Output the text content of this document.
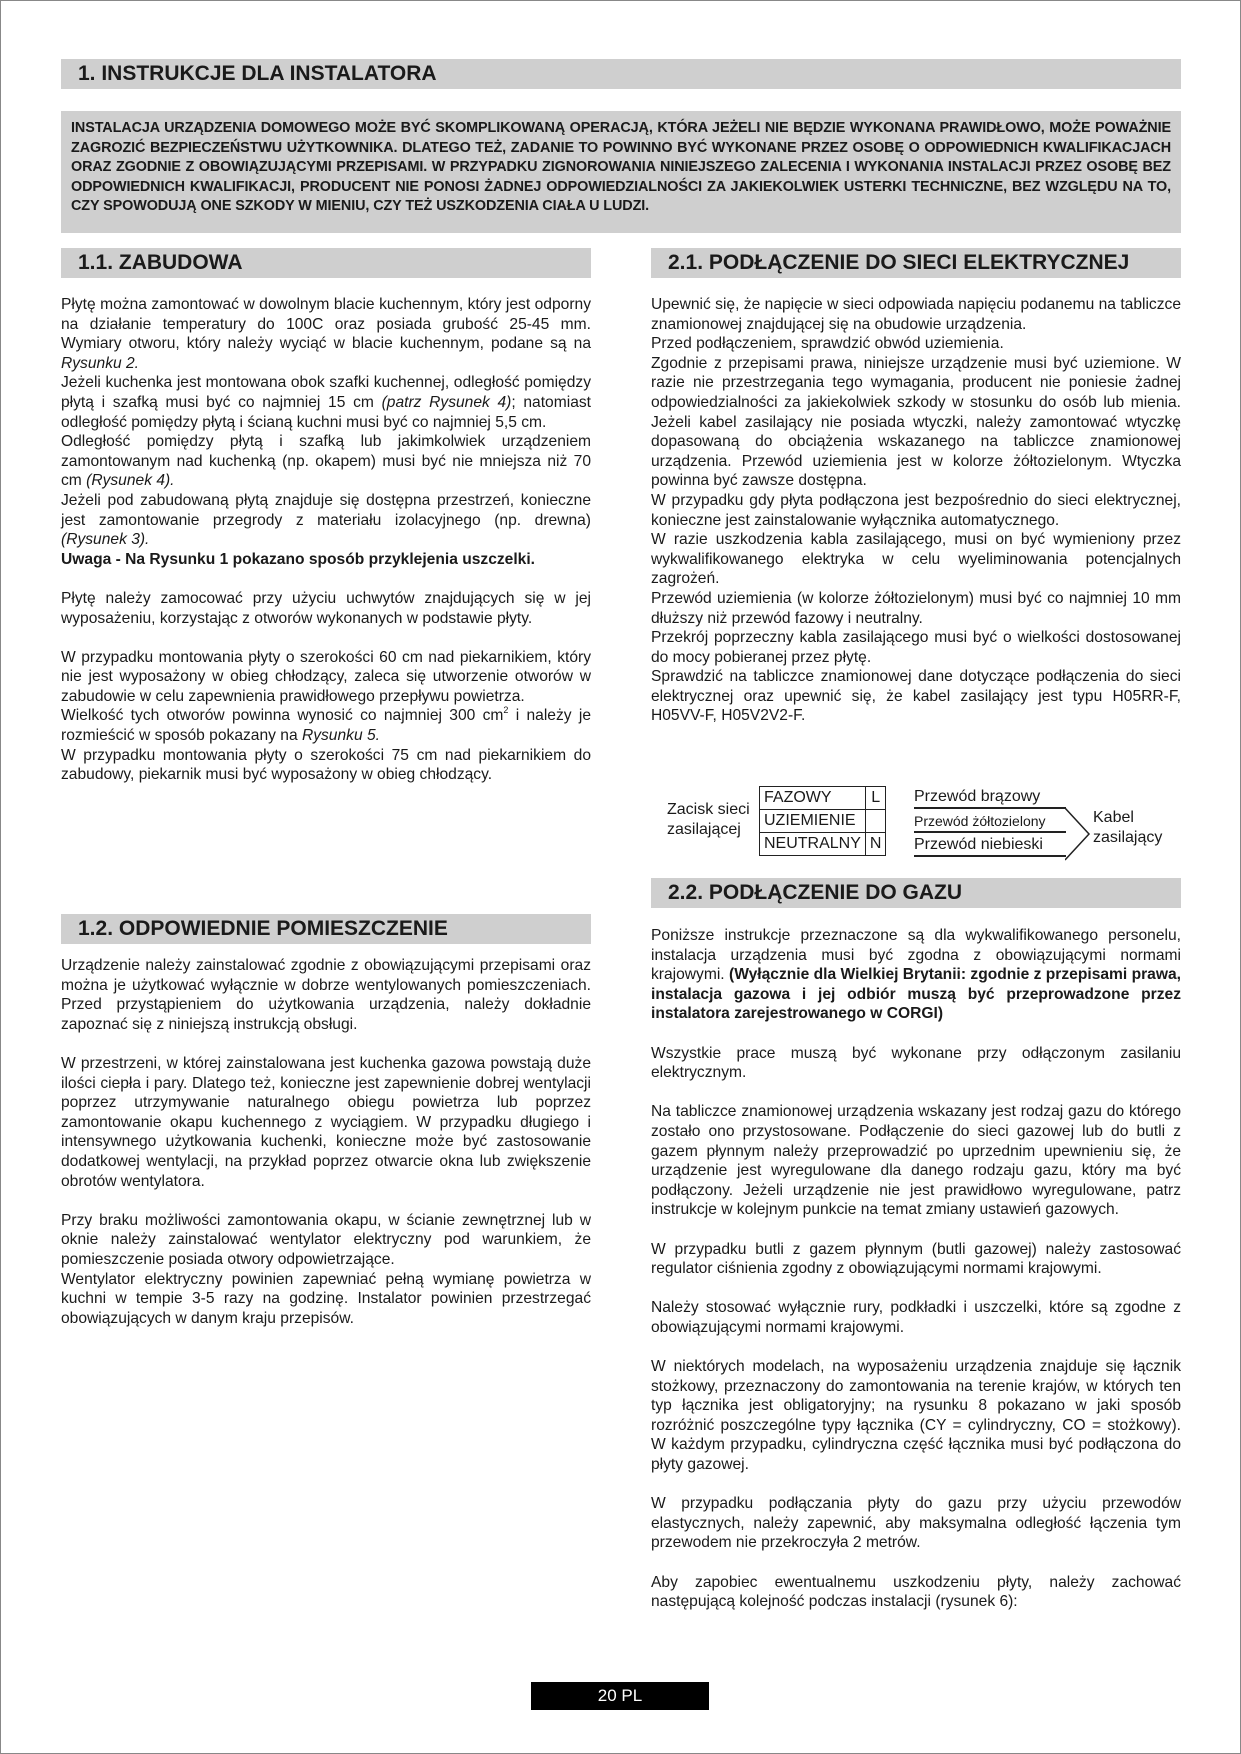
1. INSTRUKCJE DLA INSTALATORA
INSTALACJA URZĄDZENIA DOMOWEGO MOŻE BYĆ SKOMPLIKOWANĄ OPERACJĄ, KTÓRA JEŻELI NIE BĘDZIE WYKONANA PRAWIDŁOWO, MOŻE POWAŻNIE ZAGROZIĆ BEZPIECZEŃSTWU UŻYTKOWNIKA. DLATEGO TEŻ, ZADANIE TO POWINNO BYĆ WYKONANE PRZEZ OSOBĘ O ODPOWIEDNICH KWALIFIKACJACH ORAZ ZGODNIE Z OBOWIĄZUJĄCYMI PRZEPISAMI. W PRZYPADKU ZIGNOROWANIA NINIEJSZEGO ZALECENIA I WYKONANIA INSTALACJI PRZEZ OSOBĘ BEZ ODPOWIEDNICH KWALIFIKACJI, PRODUCENT NIE PONOSI ŻADNEJ ODPOWIEDZIALNOŚCI ZA JAKIEKOLWIEK USTERKI TECHNICZNE, BEZ WZGLĘDU NA TO, CZY SPOWODUJĄ ONE SZKODY W MIENIU, CZY TEŻ USZKODZENIA CIAŁA U LUDZI.
1.1. ZABUDOWA

Płytę można zamontować w dowolnym blacie kuchennym, który jest odporny na działanie temperatury do 100C oraz posiada grubość 25-45 mm. Wymiary otworu, który należy wyciąć w blacie kuchennym, podane są na Rysunku 2.

Jeżeli kuchenka jest montowana obok szafki kuchennej, odległość pomiędzy płytą i szafką musi być co najmniej 15 cm (patrz Rysunek 4); natomiast odległość pomiędzy płytą i ścianą kuchni musi być co najmniej 5,5 cm.

Odległość pomiędzy płytą i szafką lub jakimkolwiek urządzeniem zamontowanym nad kuchenką (np. okapem) musi być nie mniejsza niż 70 cm (Rysunek 4).

Jeżeli pod zabudowaną płytą znajduje się dostępna przestrzeń, konieczne jest zamontowanie przegrody z materiału izolacyjnego (np. drewna) (Rysunek 3).

Uwaga - Na Rysunku 1 pokazano sposób przyklejenia uszczelki.

Płytę należy zamocować przy użyciu uchwytów znajdujących się w jej wyposażeniu, korzystając z otworów wykonanych w podstawie płyty.

W przypadku montowania płyty o szerokości 60 cm nad piekarnikiem, który nie jest wyposażony w obieg chłodzący, zaleca się utworzenie otworów w zabudowie w celu zapewnienia prawidłowego przepływu powietrza.

Wielkość tych otworów powinna wynosić co najmniej 300 $cm^2$ i należy je rozmieścić w sposób pokazany na Rysunku 5.

W przypadku montowania płyty o szerokości 75 cm nad piekarnikiem do zabudowy, piekarnik musi być wyposażony w obieg chłodzący.

1.2. ODPOWIEDNIE POMIESZCZENIE

Urządzenie należy zainstalować zgodnie z obowiązującymi przepisami oraz można je użytkować wyłącznie w dobrze wentylowanych pomieszczeniach. Przed przystąpieniem do użytkowania urządzenia, należy dokładnie zapoznać się z niniejszą instrukcją obsługi.

W przestrzeni, w której zainstalowana jest kuchenka gazowa powstają duże ilości ciepła i pary. Dlatego też, konieczne jest zapewnienie dobrej wentylacji poprzez utrzymywanie naturalnego obiegu powietrza lub poprzez zamontowanie okapu kuchennego z wyciągiem. W przypadku długiego i intensywnego użytkowania kuchenki, konieczne może być zastosowanie dodatkowej wentylacji, na przykład poprzez otwarcie okna lub zwiększenie obrotów wentylatora.

Przy braku możliwości zamontowania okapu, w ścianie zewnętrznej lub w oknie należy zainstalować wentylator elektryczny pod warunkiem, że pomieszczenie posiada otwory odpowietrzające.

Wentylator elektryczny powinien zapewniać pełną wymianę powietrza w kuchni w tempie 3-5 razy na godzinę. Instalator powinien przestrzegać obowiązujących w danym kraju przepisów.

2.1. PODŁĄCZENIE DO SIECI ELEKTRYCZNEJ

Upewnić się, że napięcie w sieci odpowiada napięciu podanemu na tabliczce znamionowej znajdującej się na obudowie urządzenia.

Przed podłączeniem, sprawdzić obwód uziemienia.

Zgodnie z przepisami prawa, niniejsze urządzenie musi być uziemione. W razie nie przestrzegania tego wymagania, producent nie poniesie żadnej odpowiedzialności za jakiekolwiek szkody w stosunku do osób lub mienia. Jeżeli kabel zasilający nie posiada wtyczki, należy zamontować wtyczkę dopasowaną do obciążenia wskazanego na tabliczce znamionowej urządzenia. Przewód uziemienia jest w kolorze żółtozielonym. Wtyczka powinna być zawsze dostępna.

W przypadku gdy płyta podłączona jest bezpośrednio do sieci elektrycznej, konieczne jest zainstalowanie wyłącznika automatycznego.

W razie uszkodzenia kabla zasilającego, musi on być wymieniony przez wykwalifikowanego elektryka w celu wyeliminowania potencjalnych zagrożeń.

Przewód uziemienia (w kolorze żółtozielonym) musi być co najmniej 10 mm dłuższy niż przewód fazowy i neutralny.

Przekrój poprzeczny kabla zasilającego musi być o wielkości dostosowanej do mocy pobieranej przez płytę.

Sprawdzić na tabliczce znamionowej dane dotyczące podłączenia do sieci elektrycznej oraz upewnić się, że kabel zasilający jest typu H05RR-F, H05VV-F, H05V2V2-F.

Zacisk sieci
zasilającej
FAZOWY	L
UZIEMIENIE	
NEUTRALNY	N
Przewód brązowy
Przewód żółtozielony
Przewód niebieski
Kabel
zasilający
2.2. PODŁĄCZENIE DO GAZU

Poniższe instrukcje przeznaczone są dla wykwalifikowanego personelu, instalacja urządzenia musi być zgodna z obowiązującymi normami krajowymi. (Wyłącznie dla Wielkiej Brytanii: zgodnie z przepisami prawa, instalacja gazowa i jej odbiór muszą być przeprowadzone przez instalatora zarejestrowanego w CORGI)

Wszystkie prace muszą być wykonane przy odłączonym zasilaniu elektrycznym.

Na tabliczce znamionowej urządzenia wskazany jest rodzaj gazu do którego zostało ono przystosowane. Podłączenie do sieci gazowej lub do butli z gazem płynnym należy przeprowadzić po uprzednim upewnieniu się, że urządzenie jest wyregulowane dla danego rodzaju gazu, który ma być podłączony. Jeżeli urządzenie nie jest prawidłowo wyregulowane, patrz instrukcje w kolejnym punkcie na temat zmiany ustawień gazowych.

W przypadku butli z gazem płynnym (butli gazowej) należy zastosować regulator ciśnienia zgodny z obowiązującymi normami krajowymi.

Należy stosować wyłącznie rury, podkładki i uszczelki, które są zgodne z obowiązującymi normami krajowymi.

W niektórych modelach, na wyposażeniu urządzenia znajduje się łącznik stożkowy, przeznaczony do zamontowania na terenie krajów, w których ten typ łącznika jest obligatoryjny; na rysunku 8 pokazano w jaki sposób rozróżnić poszczególne typy łącznika (CY = cylindryczny, CO = stożkowy). W każdym przypadku, cylindryczna część łącznika musi być podłączona do płyty gazowej.

W przypadku podłączania płyty do gazu przy użyciu przewodów elastycznych, należy zapewnić, aby maksymalna odległość łączenia tym przewodem nie przekroczyła 2 metrów.

Aby zapobiec ewentualnemu uszkodzeniu płyty, należy zachować następującą kolejność podczas instalacji (rysunek 6):

20 PL
